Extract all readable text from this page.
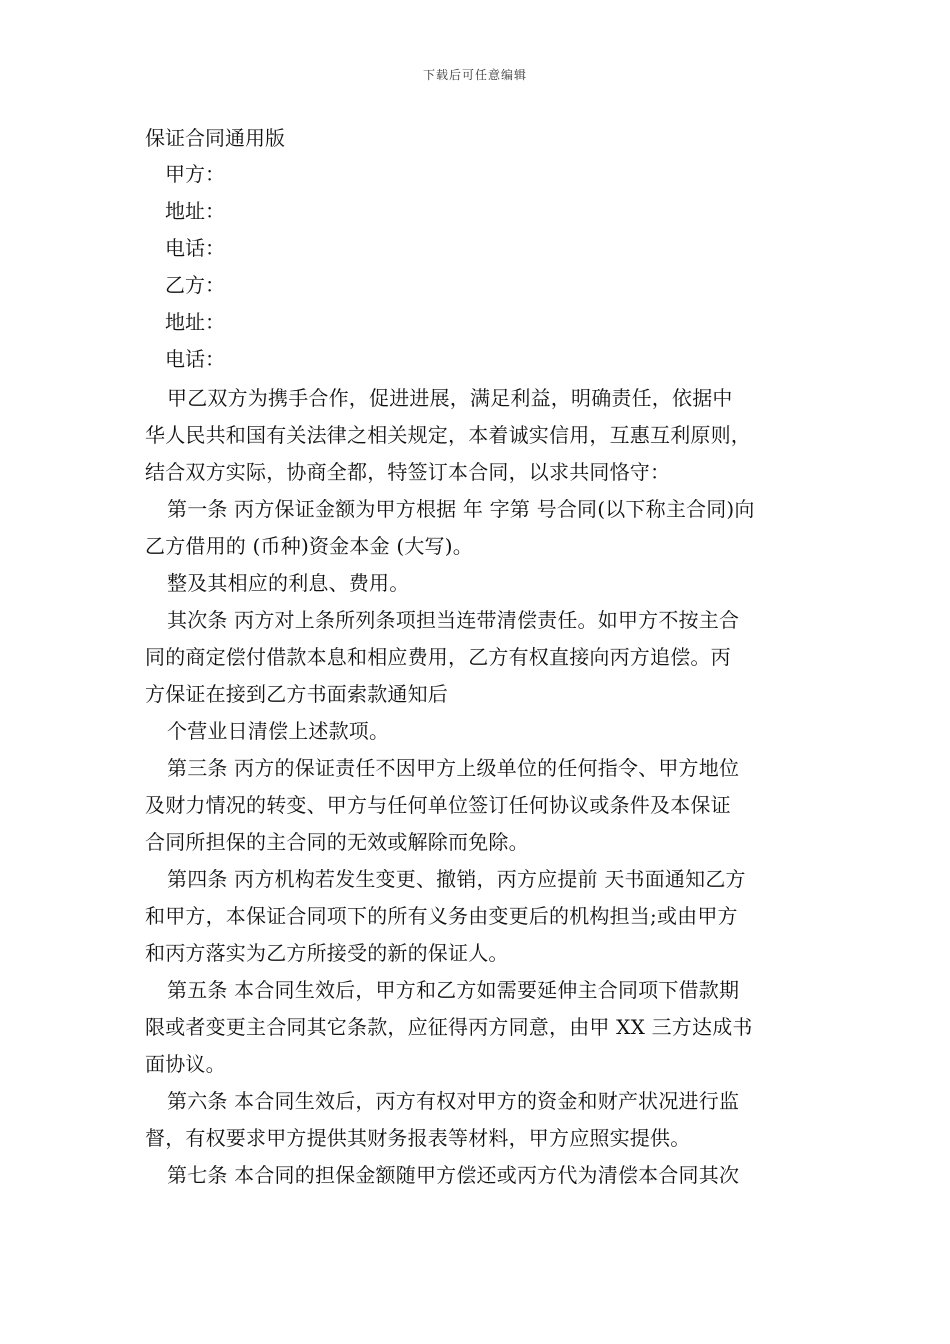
下载后可任意编辑
保证合同通用版
甲方：
地址：
电话：
乙方：
地址：
电话：

甲乙双方为携手合作，促进进展，满足利益，明确责任，依据中
华人民共和国有关法律之相关规定，本着诚实信用，互惠互利原则，
结合双方实际，协商全都，特签订本合同，以求共同恪守：

第一条 丙方保证金额为甲方根据 年 字第 号合同(以下称主合同)向
乙方借用的 (币种)资金本金 (大写)。

整及其相应的利息、费用。

其次条 丙方对上条所列条项担当连带清偿责任。如甲方不按主合
同的商定偿付借款本息和相应费用，乙方有权直接向丙方追偿。丙
方保证在接到乙方书面索款通知后

个营业日清偿上述款项。

第三条 丙方的保证责任不因甲方上级单位的任何指令、甲方地位
及财力情况的转变、甲方与任何单位签订任何协议或条件及本保证
合同所担保的主合同的无效或解除而免除。

第四条 丙方机构若发生变更、撤销，丙方应提前 天书面通知乙方
和甲方，本保证合同项下的所有义务由变更后的机构担当;或由甲方
和丙方落实为乙方所接受的新的保证人。

第五条 本合同生效后，甲方和乙方如需要延伸主合同项下借款期
限或者变更主合同其它条款，应征得丙方同意，由甲 XX 三方达成书
面协议。

第六条 本合同生效后，丙方有权对甲方的资金和财产状况进行监
督，有权要求甲方提供其财务报表等材料，甲方应照实提供。

第七条 本合同的担保金额随甲方偿还或丙方代为清偿本合同其次
